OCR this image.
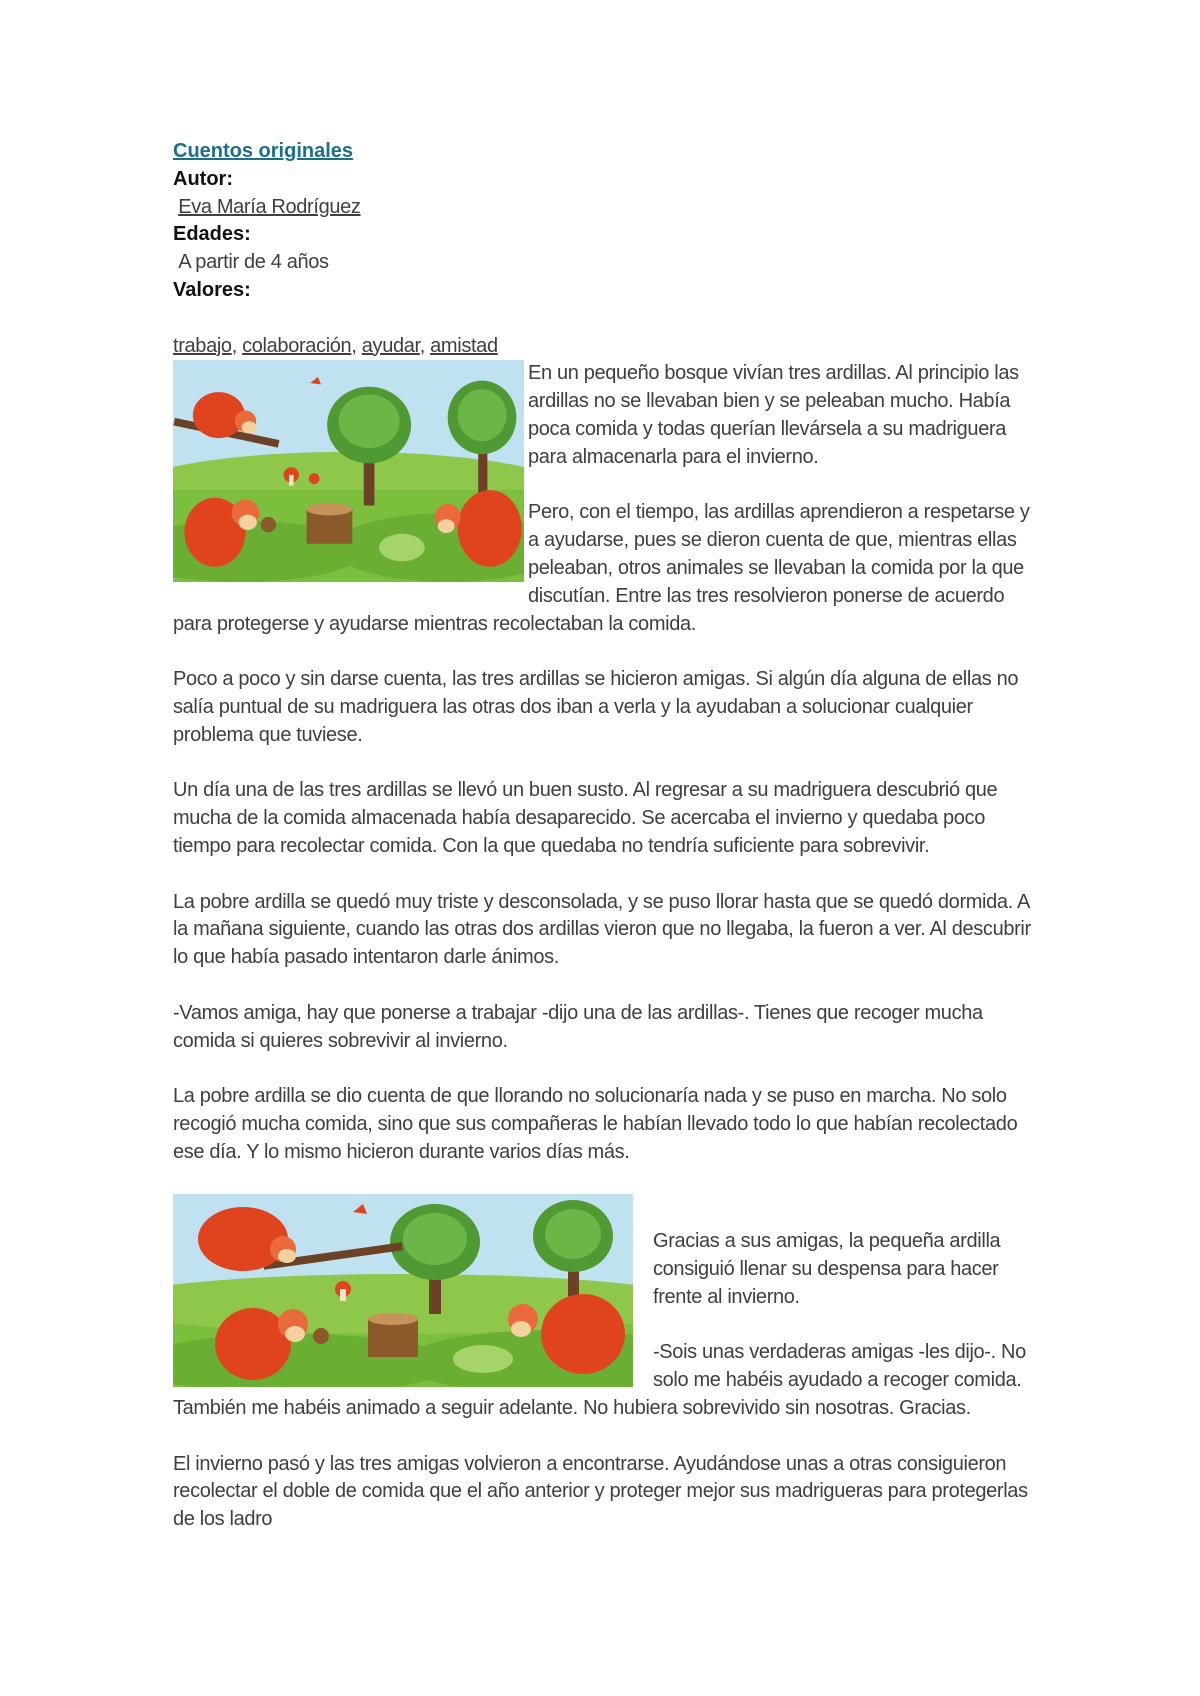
Cuentos originales
Autor:
Eva María Rodríguez
Edades:
A partir de 4 años
Valores:
trabajo, colaboración, ayudar, amistad

En un pequeño bosque vivían tres ardillas. Al principio las ardillas no se llevaban bien y se peleaban mucho. Había poca comida y todas querían llevársela a su madriguera para almacenarla para el invierno.

Pero, con el tiempo, las ardillas aprendieron a respetarse y a ayudarse, pues se dieron cuenta de que, mientras ellas peleaban, otros animales se llevaban la comida por la que discutían. Entre las tres resolvieron ponerse de acuerdo para protegerse y ayudarse mientras recolectaban la comida.

Poco a poco y sin darse cuenta, las tres ardillas se hicieron amigas. Si algún día alguna de ellas no salía puntual de su madriguera las otras dos iban a verla y la ayudaban a solucionar cualquier problema que tuviese.

Un día una de las tres ardillas se llevó un buen susto. Al regresar a su madriguera descubrió que mucha de la comida almacenada había desaparecido. Se acercaba el invierno y quedaba poco tiempo para recolectar comida. Con la que quedaba no tendría suficiente para sobrevivir.

La pobre ardilla se quedó muy triste y desconsolada, y se puso llorar hasta que se quedó dormida. A la mañana siguiente, cuando las otras dos ardillas vieron que no llegaba, la fueron a ver. Al descubrir lo que había pasado intentaron darle ánimos.

-Vamos amiga, hay que ponerse a trabajar -dijo una de las ardillas-. Tienes que recoger mucha comida si quieres sobrevivir al invierno.

La pobre ardilla se dio cuenta de que llorando no solucionaría nada y se puso en marcha. No solo recogió mucha comida, sino que sus compañeras le habían llevado todo lo que habían recolectado ese día. Y lo mismo hicieron durante varios días más.

Gracias a sus amigas, la pequeña ardilla consiguió llenar su despensa para hacer frente al invierno.

-Sois unas verdaderas amigas -les dijo-. No solo me habéis ayudado a recoger comida. También me habéis animado a seguir adelante. No hubiera sobrevivido sin nosotras. Gracias.

El invierno pasó y las tres amigas volvieron a encontrarse. Ayudándose unas a otras consiguieron recolectar el doble de comida que el año anterior y proteger mejor sus madrigueras para protegerlas de los ladro
